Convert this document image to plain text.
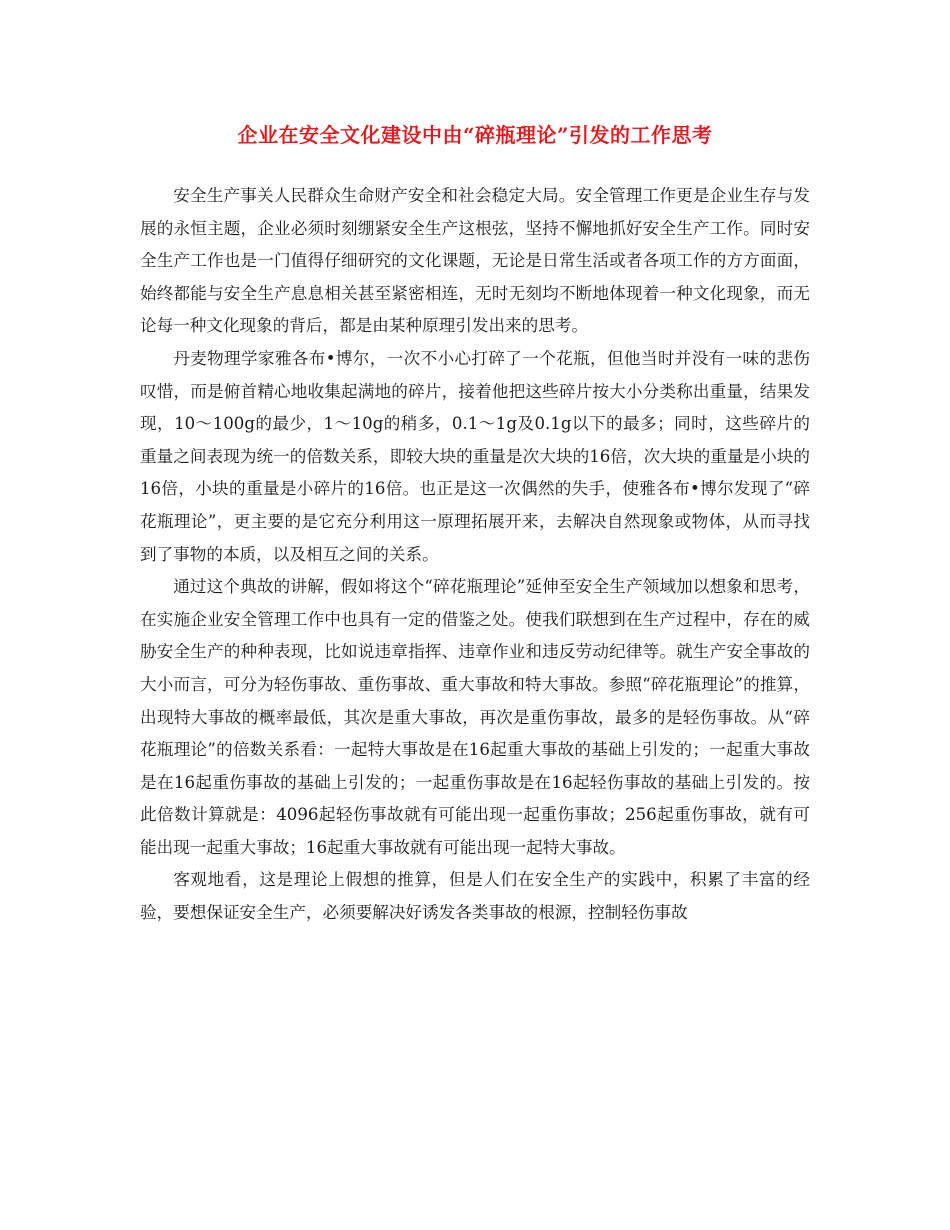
企业在安全文化建设中由“碎瓶理论”引发的工作思考

安全生产事关人民群众生命财产安全和社会稳定大局。安全管理工作更是企业生存与发展的永恒主题，企业必须时刻绷紧安全生产这根弦，坚持不懈地抓好安全生产工作。同时安全生产工作也是一门值得仔细研究的文化课题，无论是日常生活或者各项工作的方方面面，始终都能与安全生产息息相关甚至紧密相连，无时无刻均不断地体现着一种文化现象，而无论每一种文化现象的背后，都是由某种原理引发出来的思考。

丹麦物理学家雅各布•博尔，一次不小心打碎了一个花瓶，但他当时并没有一味的悲伤叹惜，而是俯首精心地收集起满地的碎片，接着他把这些碎片按大小分类称出重量，结果发现，10～100g的最少，1～10g的稍多，0.1～1g及0.1g以下的最多；同时，这些碎片的重量之间表现为统一的倍数关系，即较大块的重量是次大块的16倍，次大块的重量是小块的16倍，小块的重量是小碎片的16倍。也正是这一次偶然的失手，使雅各布•博尔发现了“碎花瓶理论”，更主要的是它充分利用这一原理拓展开来，去解决自然现象或物体，从而寻找到了事物的本质，以及相互之间的关系。

通过这个典故的讲解，假如将这个“碎花瓶理论”延伸至安全生产领域加以想象和思考，在实施企业安全管理工作中也具有一定的借鉴之处。使我们联想到在生产过程中，存在的威胁安全生产的种种表现，比如说违章指挥、违章作业和违反劳动纪律等。就生产安全事故的大小而言，可分为轻伤事故、重伤事故、重大事故和特大事故。参照“碎花瓶理论”的推算，出现特大事故的概率最低，其次是重大事故，再次是重伤事故，最多的是轻伤事故。从“碎花瓶理论”的倍数关系看：一起特大事故是在16起重大事故的基础上引发的；一起重大事故是在16起重伤事故的基础上引发的；一起重伤事故是在16起轻伤事故的基础上引发的。按此倍数计算就是：4096起轻伤事故就有可能出现一起重伤事故；256起重伤事故，就有可能出现一起重大事故；16起重大事故就有可能出现一起特大事故。

客观地看，这是理论上假想的推算，但是人们在安全生产的实践中，积累了丰富的经验，要想保证安全生产，必须要解决好诱发各类事故的根源，控制轻伤事故
